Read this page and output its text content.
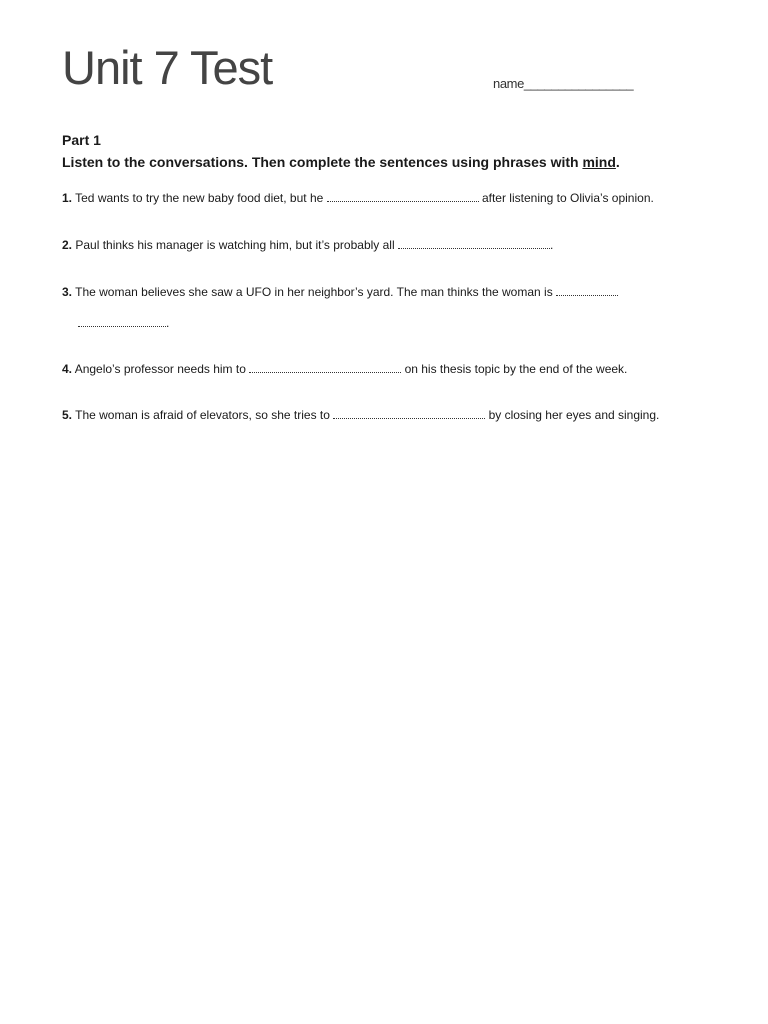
Unit 7 Test	name________________
Part 1
Listen to the conversations. Then complete the sentences using phrases with mind.
1. Ted wants to try the new baby food diet, but he	after listening to Olivia’s opinion.
2. Paul thinks his manager is watching him, but it’s probably all	.
3. The woman believes she saw a UFO in her neighbor’s yard. The man thinks the woman is
.
4. Angelo’s professor needs him to	on his thesis topic by the end of the week.
5. The woman is afraid of elevators, so she tries to	by closing her eyes and singing.
